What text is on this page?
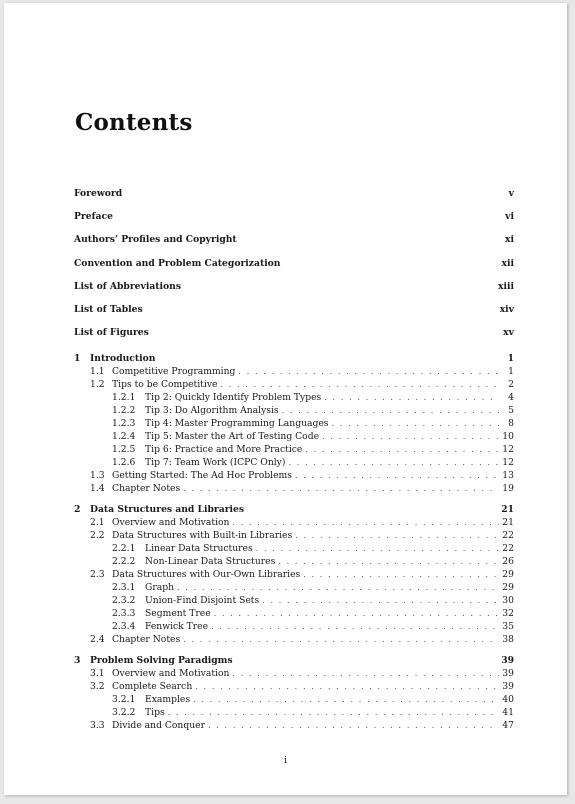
Contents
Foreword	v
Preface	vi
Authors’ Profiles and Copyright	xi
Convention and Problem Categorization	xii
List of Abbreviations	xiii
List of Tables	xiv
List of Figures	xv
1	Introduction	1
1.1 Competitive Programming . . .	1
1.2 Tips to be Competitive . . .	2
1.2.1	Tip 2: Quickly Identify Problem Types . . .	4
1.2.2	Tip 3: Do Algorithm Analysis . . .	5
1.2.3	Tip 4: Master Programming Languages . . .	8
1.2.4	Tip 5: Master the Art of Testing Code . . .	10
1.2.5	Tip 6: Practice and More Practice . . .	12
1.2.6	Tip 7: Team Work (ICPC Only) . . .	12
1.3 Getting Started: The Ad Hoc Problems . . .	13
1.4 Chapter Notes . . .	19
2	Data Structures and Libraries	21
2.1 Overview and Motivation . . .	21
2.2 Data Structures with Built-in Libraries . . .	22
2.2.1	Linear Data Structures . . .	22
2.2.2	Non-Linear Data Structures . . .	26
2.3 Data Structures with Our-Own Libraries . . .	29
2.3.1	Graph . . .	29
2.3.2	Union-Find Disjoint Sets . . .	30
2.3.3	Segment Tree . . .	32
2.3.4	Fenwick Tree . . .	35
2.4 Chapter Notes . . .	38
3	Problem Solving Paradigms	39
3.1 Overview and Motivation . . .	39
3.2 Complete Search . . .	39
3.2.1	Examples . . .	40
3.2.2	Tips . . .	41
3.3 Divide and Conquer . . .	47
i
